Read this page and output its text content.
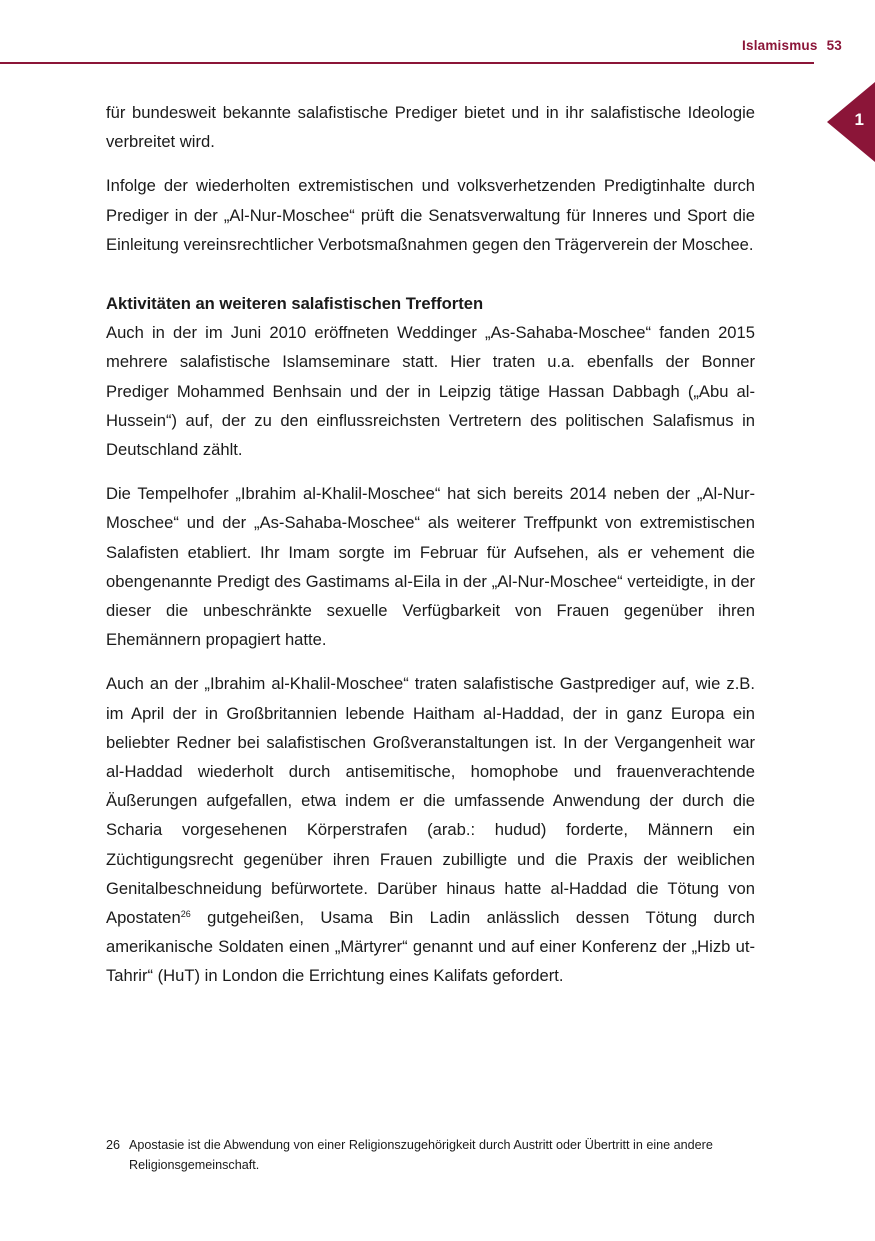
Islamismus 53
1

für bundesweit bekannte salafistische Prediger bietet und in ihr salafistische Ideologie verbreitet wird.

Infolge der wiederholten extremistischen und volksverhetzenden Predigtinhalte durch Prediger in der „Al-Nur-Moschee“ prüft die Senatsverwaltung für Inneres und Sport die Einleitung vereinsrechtlicher Verbotsmaßnahmen gegen den Trägerverein der Moschee.

Aktivitäten an weiteren salafistischen Trefforten

Auch in der im Juni 2010 eröffneten Weddinger „As-Sahaba-Moschee“ fanden 2015 mehrere salafistische Islamseminare statt. Hier traten u.a. ebenfalls der Bonner Prediger Mohammed Benhsain und der in Leipzig tätige Hassan Dabbagh („Abu al-Hussein“) auf, der zu den einflussreichsten Vertretern des politischen Salafismus in Deutschland zählt.

Die Tempelhofer „Ibrahim al-Khalil-Moschee“ hat sich bereits 2014 neben der „Al-Nur-Moschee“ und der „As-Sahaba-Moschee“ als weiterer Treffpunkt von extremistischen Salafisten etabliert. Ihr Imam sorgte im Februar für Aufsehen, als er vehement die obengenannte Predigt des Gastimams al-Eila in der „Al-Nur-Moschee“ verteidigte, in der dieser die unbeschränkte sexuelle Verfügbarkeit von Frauen gegenüber ihren Ehemännern propagiert hatte.

Auch an der „Ibrahim al-Khalil-Moschee“ traten salafistische Gastprediger auf, wie z.B. im April der in Großbritannien lebende Haitham al-Haddad, der in ganz Europa ein beliebter Redner bei salafistischen Großveranstaltungen ist. In der Vergangenheit war al-Haddad wiederholt durch antisemitische, homophobe und frauenverachtende Äußerungen aufgefallen, etwa indem er die umfassende Anwendung der durch die Scharia vorgesehenen Körperstrafen (arab.: hudud) forderte, Männern ein Züchtigungsrecht gegenüber ihren Frauen zubilligte und die Praxis der weiblichen Genitalbeschneidung befürwortete. Darüber hinaus hatte al-Haddad die Tötung von Apostaten$^{26}$ gutgeheißen, Usama Bin Ladin anlässlich dessen Tötung durch amerikanische Soldaten einen „Märtyrer“ genannt und auf einer Konferenz der „Hizb ut-Tahrir“ (HuT) in London die Errichtung eines Kalifats gefordert.

26 Apostasie ist die Abwendung von einer Religionszugehörigkeit durch Austritt oder Übertritt in eine andere Religionsgemeinschaft.
